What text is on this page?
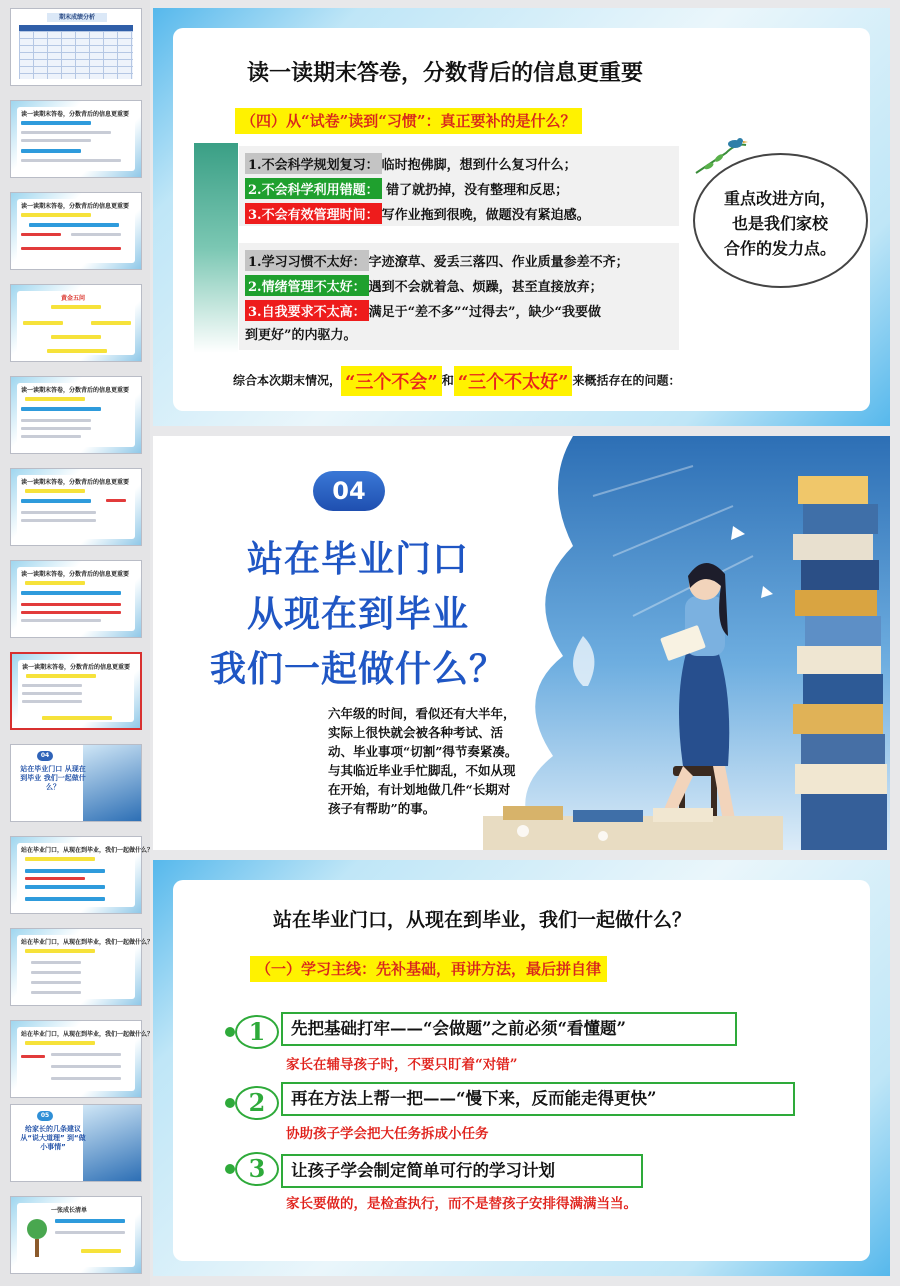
期末成绩分析
读一读期末答卷，分数背后的信息更重要
读一读期末答卷，分数背后的信息更重要
黄金五问
读一读期末答卷，分数背后的信息更重要
读一读期末答卷，分数背后的信息更重要
读一读期末答卷，分数背后的信息更重要
读一读期末答卷，分数背后的信息更重要
04
站在毕业门口 从现在到毕业 我们一起做什么？
站在毕业门口，从现在到毕业，我们一起做什么？
站在毕业门口，从现在到毕业，我们一起做什么？
站在毕业门口，从现在到毕业，我们一起做什么？
05
给家长的几条建议 从“说大道理” 到“做小事情”
一张成长清单
读一读期末答卷，分数背后的信息更重要
（四）从“试卷”读到“习惯”：真正要补的是什么？
1.不会科学规划复习： 临时抱佛脚，想到什么复习什么；
2.不会科学利用错题： 错了就扔掉，没有整理和反思；
3.不会有效管理时间： 写作业拖到很晚，做题没有紧迫感。
1.学习习惯不太好： 字迹潦草、爱丢三落四、作业质量参差不齐；
2.情绪管理不太好： 遇到不会就着急、烦躁，甚至直接放弃；
3.自我要求不太高： 满足于“差不多”“过得去”，缺少“我要做
到更好”的内驱力。
重点改进方向，
也是我们家校
合作的发力点。
综合本次期末情况， “三个不会” 和 “三个不太好” 来概括存在的问题：
04
站在毕业门口
从现在到毕业
我们一起做什么？
六年级的时间，看似还有大半年，实际上很快就会被各种考试、活动、毕业事项“切割”得节奏紧凑。与其临近毕业手忙脚乱，不如从现在开始，有计划地做几件“长期对孩子有帮助”的事。
站在毕业门口，从现在到毕业，我们一起做什么？
（一）学习主线：先补基础，再讲方法，最后拼自律
1	先把基础打牢——“会做题”之前必须“看懂题”
家长在辅导孩子时，不要只盯着“对错”
2	再在方法上帮一把——“慢下来，反而能走得更快”
协助孩子学会把大任务拆成小任务
3	让孩子学会制定简单可行的学习计划
家长要做的，是检查执行，而不是替孩子安排得满满当当。
